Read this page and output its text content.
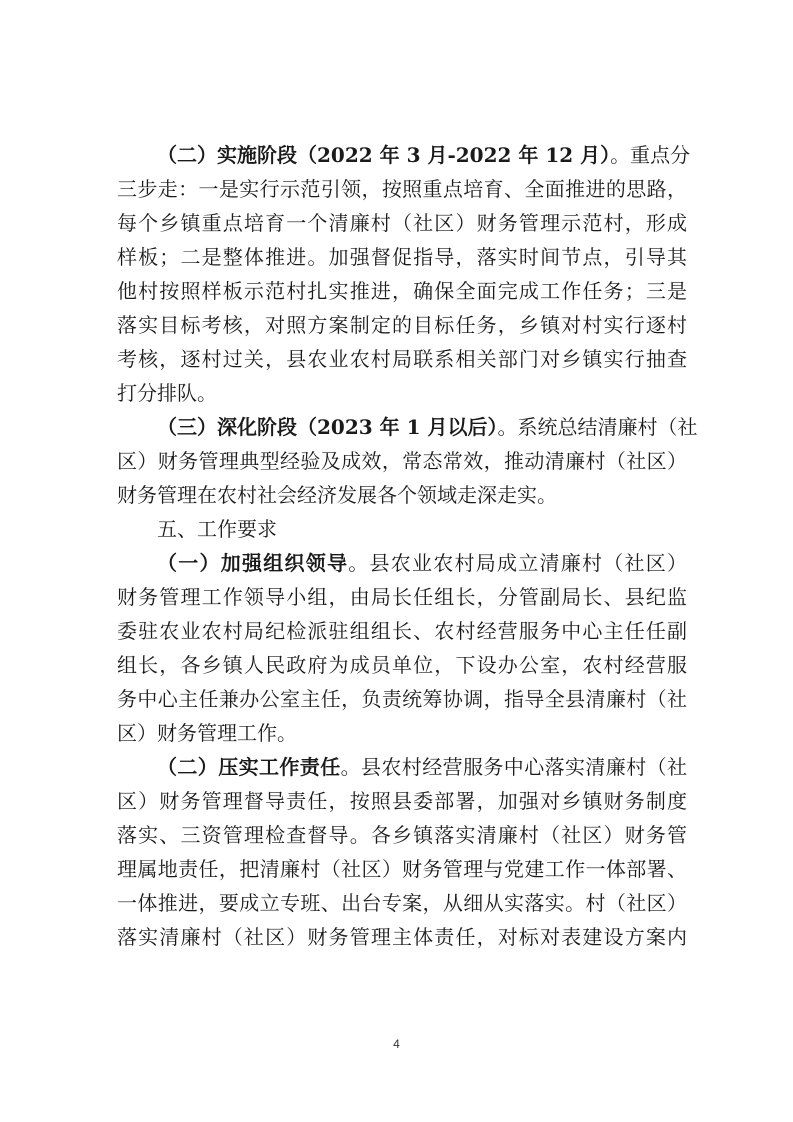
（二）实施阶段（2022 年 3 月-2022 年 12 月）。重点分
三步走：一是实行示范引领，按照重点培育、全面推进的思路，
每个乡镇重点培育一个清廉村（社区）财务管理示范村，形成
样板；二是整体推进。加强督促指导，落实时间节点，引导其
他村按照样板示范村扎实推进，确保全面完成工作任务；三是
落实目标考核，对照方案制定的目标任务，乡镇对村实行逐村
考核，逐村过关，县农业农村局联系相关部门对乡镇实行抽查
打分排队。
（三）深化阶段（2023 年 1 月以后）。系统总结清廉村（社
区）财务管理典型经验及成效，常态常效，推动清廉村（社区）
财务管理在农村社会经济发展各个领域走深走实。
五、工作要求
（一）加强组织领导。县农业农村局成立清廉村（社区）
财务管理工作领导小组，由局长任组长，分管副局长、县纪监
委驻农业农村局纪检派驻组组长、农村经营服务中心主任任副
组长，各乡镇人民政府为成员单位，下设办公室，农村经营服
务中心主任兼办公室主任，负责统筹协调，指导全县清廉村（社
区）财务管理工作。
（二）压实工作责任。县农村经营服务中心落实清廉村（社
区）财务管理督导责任，按照县委部署，加强对乡镇财务制度
落实、三资管理检查督导。各乡镇落实清廉村（社区）财务管
理属地责任，把清廉村（社区）财务管理与党建工作一体部署、
一体推进，要成立专班、出台专案，从细从实落实。村（社区）
落实清廉村（社区）财务管理主体责任，对标对表建设方案内
4
